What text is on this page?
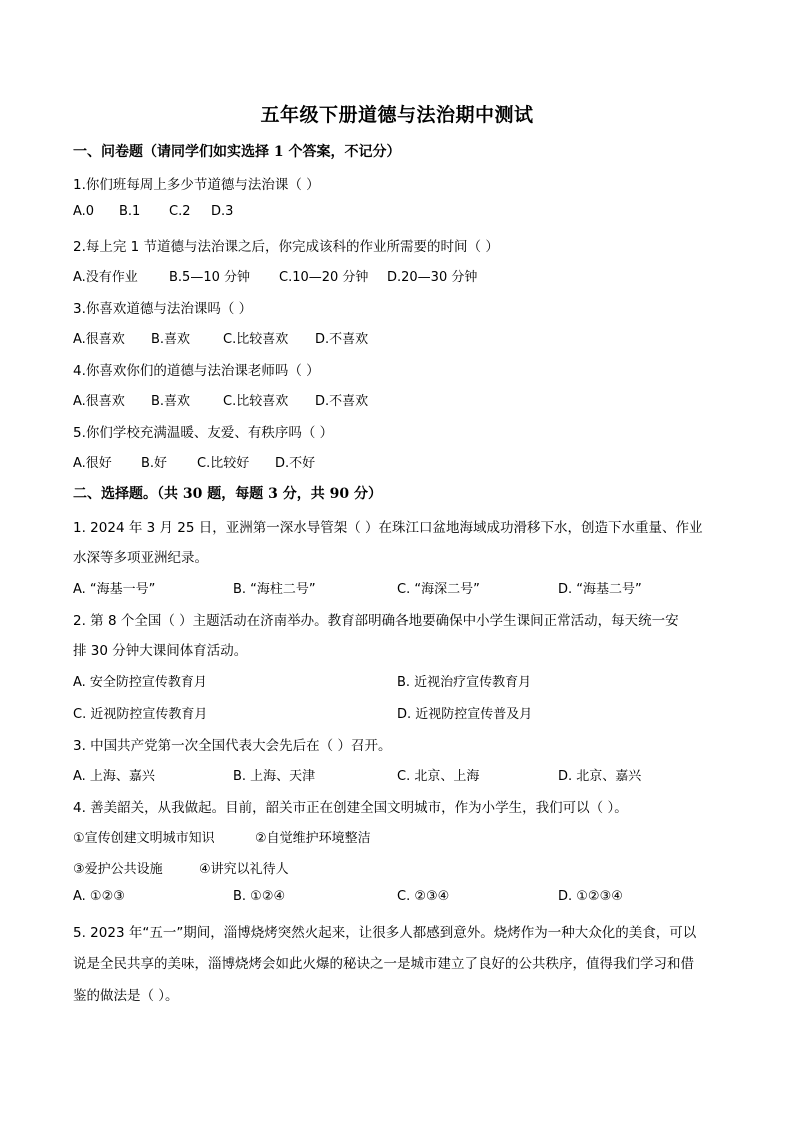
五年级下册道德与法治期中测试
一、问卷题（请同学们如实选择 1 个答案，不记分）
1.你们班每周上多少节道德与法治课（ ）
A.0 B.1 C.2 D.3
2.每上完 1 节道德与法治课之后，你完成该科的作业所需要的时间（ ）
A.没有作业 B.5—10 分钟 C.10—20 分钟 D.20—30 分钟
3.你喜欢道德与法治课吗（ ）
A.很喜欢 B.喜欢	C.比较喜欢 D.不喜欢
4.你喜欢你们的道德与法治课老师吗（ ）
A.很喜欢 B.喜欢	C.比较喜欢 D.不喜欢
5.你们学校充满温暖、友爱、有秩序吗（ ）
A.很好 B.好 C.比较好 D.不好
二、选择题。（共 30 题，每题 3 分，共 90 分）
1. 2024 年 3 月 25 日，亚洲第一深水导管架（ ）在珠江口盆地海域成功滑移下水，创造下水重量、作业
水深等多项亚洲纪录。
A. “海基一号”	B. “海柱二号”	C. “海深二号”	D. “海基二号”
2. 第 8 个全国（ ）主题活动在济南举办。教育部明确各地要确保中小学生课间正常活动，每天统一安
排 30 分钟大课间体育活动。
A. 安全防控宣传教育月	B. 近视治疗宣传教育月
C. 近视防控宣传教育月	D. 近视防控宣传普及月
3. 中国共产党第一次全国代表大会先后在（ ）召开。
A. 上海、嘉兴	B. 上海、天津	C. 北京、上海	D. 北京、嘉兴
4. 善美韶关，从我做起。目前，韶关市正在创建全国文明城市，作为小学生，我们可以（ ）。
①宣传创建文明城市知识	②自觉维护环境整洁
③爱护公共设施	④讲究以礼待人
A. ①②③	B. ①②④	C. ②③④	D. ①②③④
5. 2023 年“五一”期间，淄博烧烤突然火起来，让很多人都感到意外。烧烤作为一种大众化的美食，可以
说是全民共享的美味，淄博烧烤会如此火爆的秘诀之一是城市建立了良好的公共秩序，值得我们学习和借
鉴的做法是（ ）。
